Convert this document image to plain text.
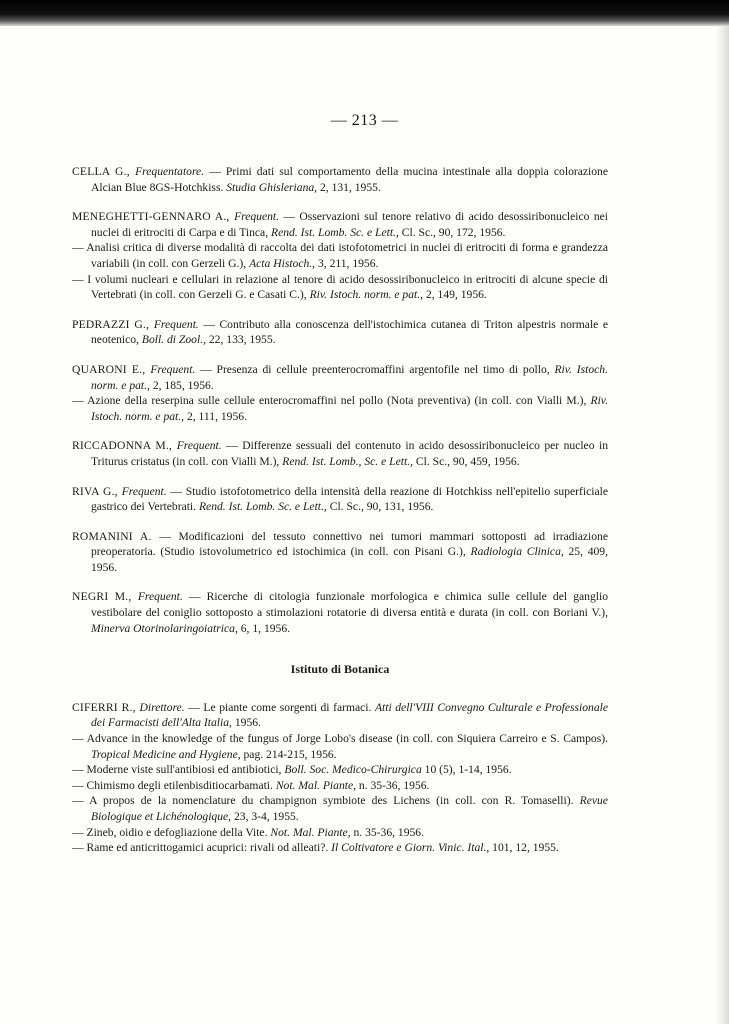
— 213 —
CELLA G., Frequentatore. — Primi dati sul comportamento della mucina intestinale alla doppia colorazione Alcian Blue 8GS-Hotchkiss. Studia Ghisleriana, 2, 131, 1955.
MENEGHETTI-GENNARO A., Frequent. — Osservazioni sul tenore relativo di acido desossiribonucleico nei nuclei di eritrociti di Carpa e di Tinca, Rend. Ist. Lomb. Sc. e Lett., Cl. Sc., 90, 172, 1956.
— Analisi critica di diverse modalità di raccolta dei dati istofotometrici in nuclei di eritrociti di forma e grandezza variabili (in coll. con Gerzeli G.), Acta Histoch., 3, 211, 1956.
— I volumi nucleari e cellulari in relazione al tenore di acido desossiribonucleico in eritrociti di alcune specie di Vertebrati (in coll. con Gerzeli G. e Casati C.), Riv. Istoch. norm. e pat., 2, 149, 1956.
PEDRAZZI G., Frequent. — Contributo alla conoscenza dell'istochimica cutanea di Triton alpestris normale e neotenico, Boll. di Zool., 22, 133, 1955.
QUARONI E., Frequent. — Presenza di cellule preenterocromaffini argentofile nel timo di pollo, Riv. Istoch. norm. e pat., 2, 185, 1956.
— Azione della reserpina sulle cellule enterocromaffini nel pollo (Nota preventiva) (in coll. con Vialli M.), Riv. Istoch. norm. e pat., 2, 111, 1956.
RICCADONNA M., Frequent. — Differenze sessuali del contenuto in acido desossiribonucleico per nucleo in Triturus cristatus (in coll. con Vialli M.), Rend. Ist. Lomb., Sc. e Lett., Cl. Sc., 90, 459, 1956.
RIVA G., Frequent. — Studio istofotometrico della intensità della reazione di Hotchkiss nell'epitelio superficiale gastrico dei Vertebrati. Rend. Ist. Lomb. Sc. e Lett., Cl. Sc., 90, 131, 1956.
ROMANINI A. — Modificazioni del tessuto connettivo nei tumori mammari sottoposti ad irradiazione preoperatoria. (Studio istovolumetrico ed istochimica (in coll. con Pisani G.), Radiologia Clinica, 25, 409, 1956.
NEGRI M., Frequent. — Ricerche di citologia funzionale morfologica e chimica sulle cellule del ganglio vestibolare del coniglio sottoposto a stimolazioni rotatorie di diversa entità e durata (in coll. con Boriani V.), Minerva Otorinolaringoiatrica, 6, 1, 1956.
Istituto di Botanica
CIFERRI R., Direttore. — Le piante come sorgenti di farmaci. Atti dell'VIII Convegno Culturale e Professionale dei Farmacisti dell'Alta Italia, 1956.
— Advance in the knowledge of the fungus of Jorge Lobo's disease (in coll. con Siquiera Carreiro e S. Campos). Tropical Medicine and Hygiene, pag. 214-215, 1956.
— Moderne viste sull'antibiosi ed antibiotici, Boll. Soc. Medico-Chirurgica 10 (5), 1-14, 1956.
— Chimismo degli etilenbisditiocarbamati. Not. Mal. Piante, n. 35-36, 1956.
— A propos de la nomenclature du champignon symbiote des Lichens (in coll. con R. Tomaselli). Revue Biologique et Lichénologique, 23, 3-4, 1955.
— Zineb, oidio e defogliazione della Vite. Not. Mal. Piante, n. 35-36, 1956.
— Rame ed anticrittogamici acuprici: rivali od alleati?. Il Coltivatore e Giorn. Vinic. Ital., 101, 12, 1955.
